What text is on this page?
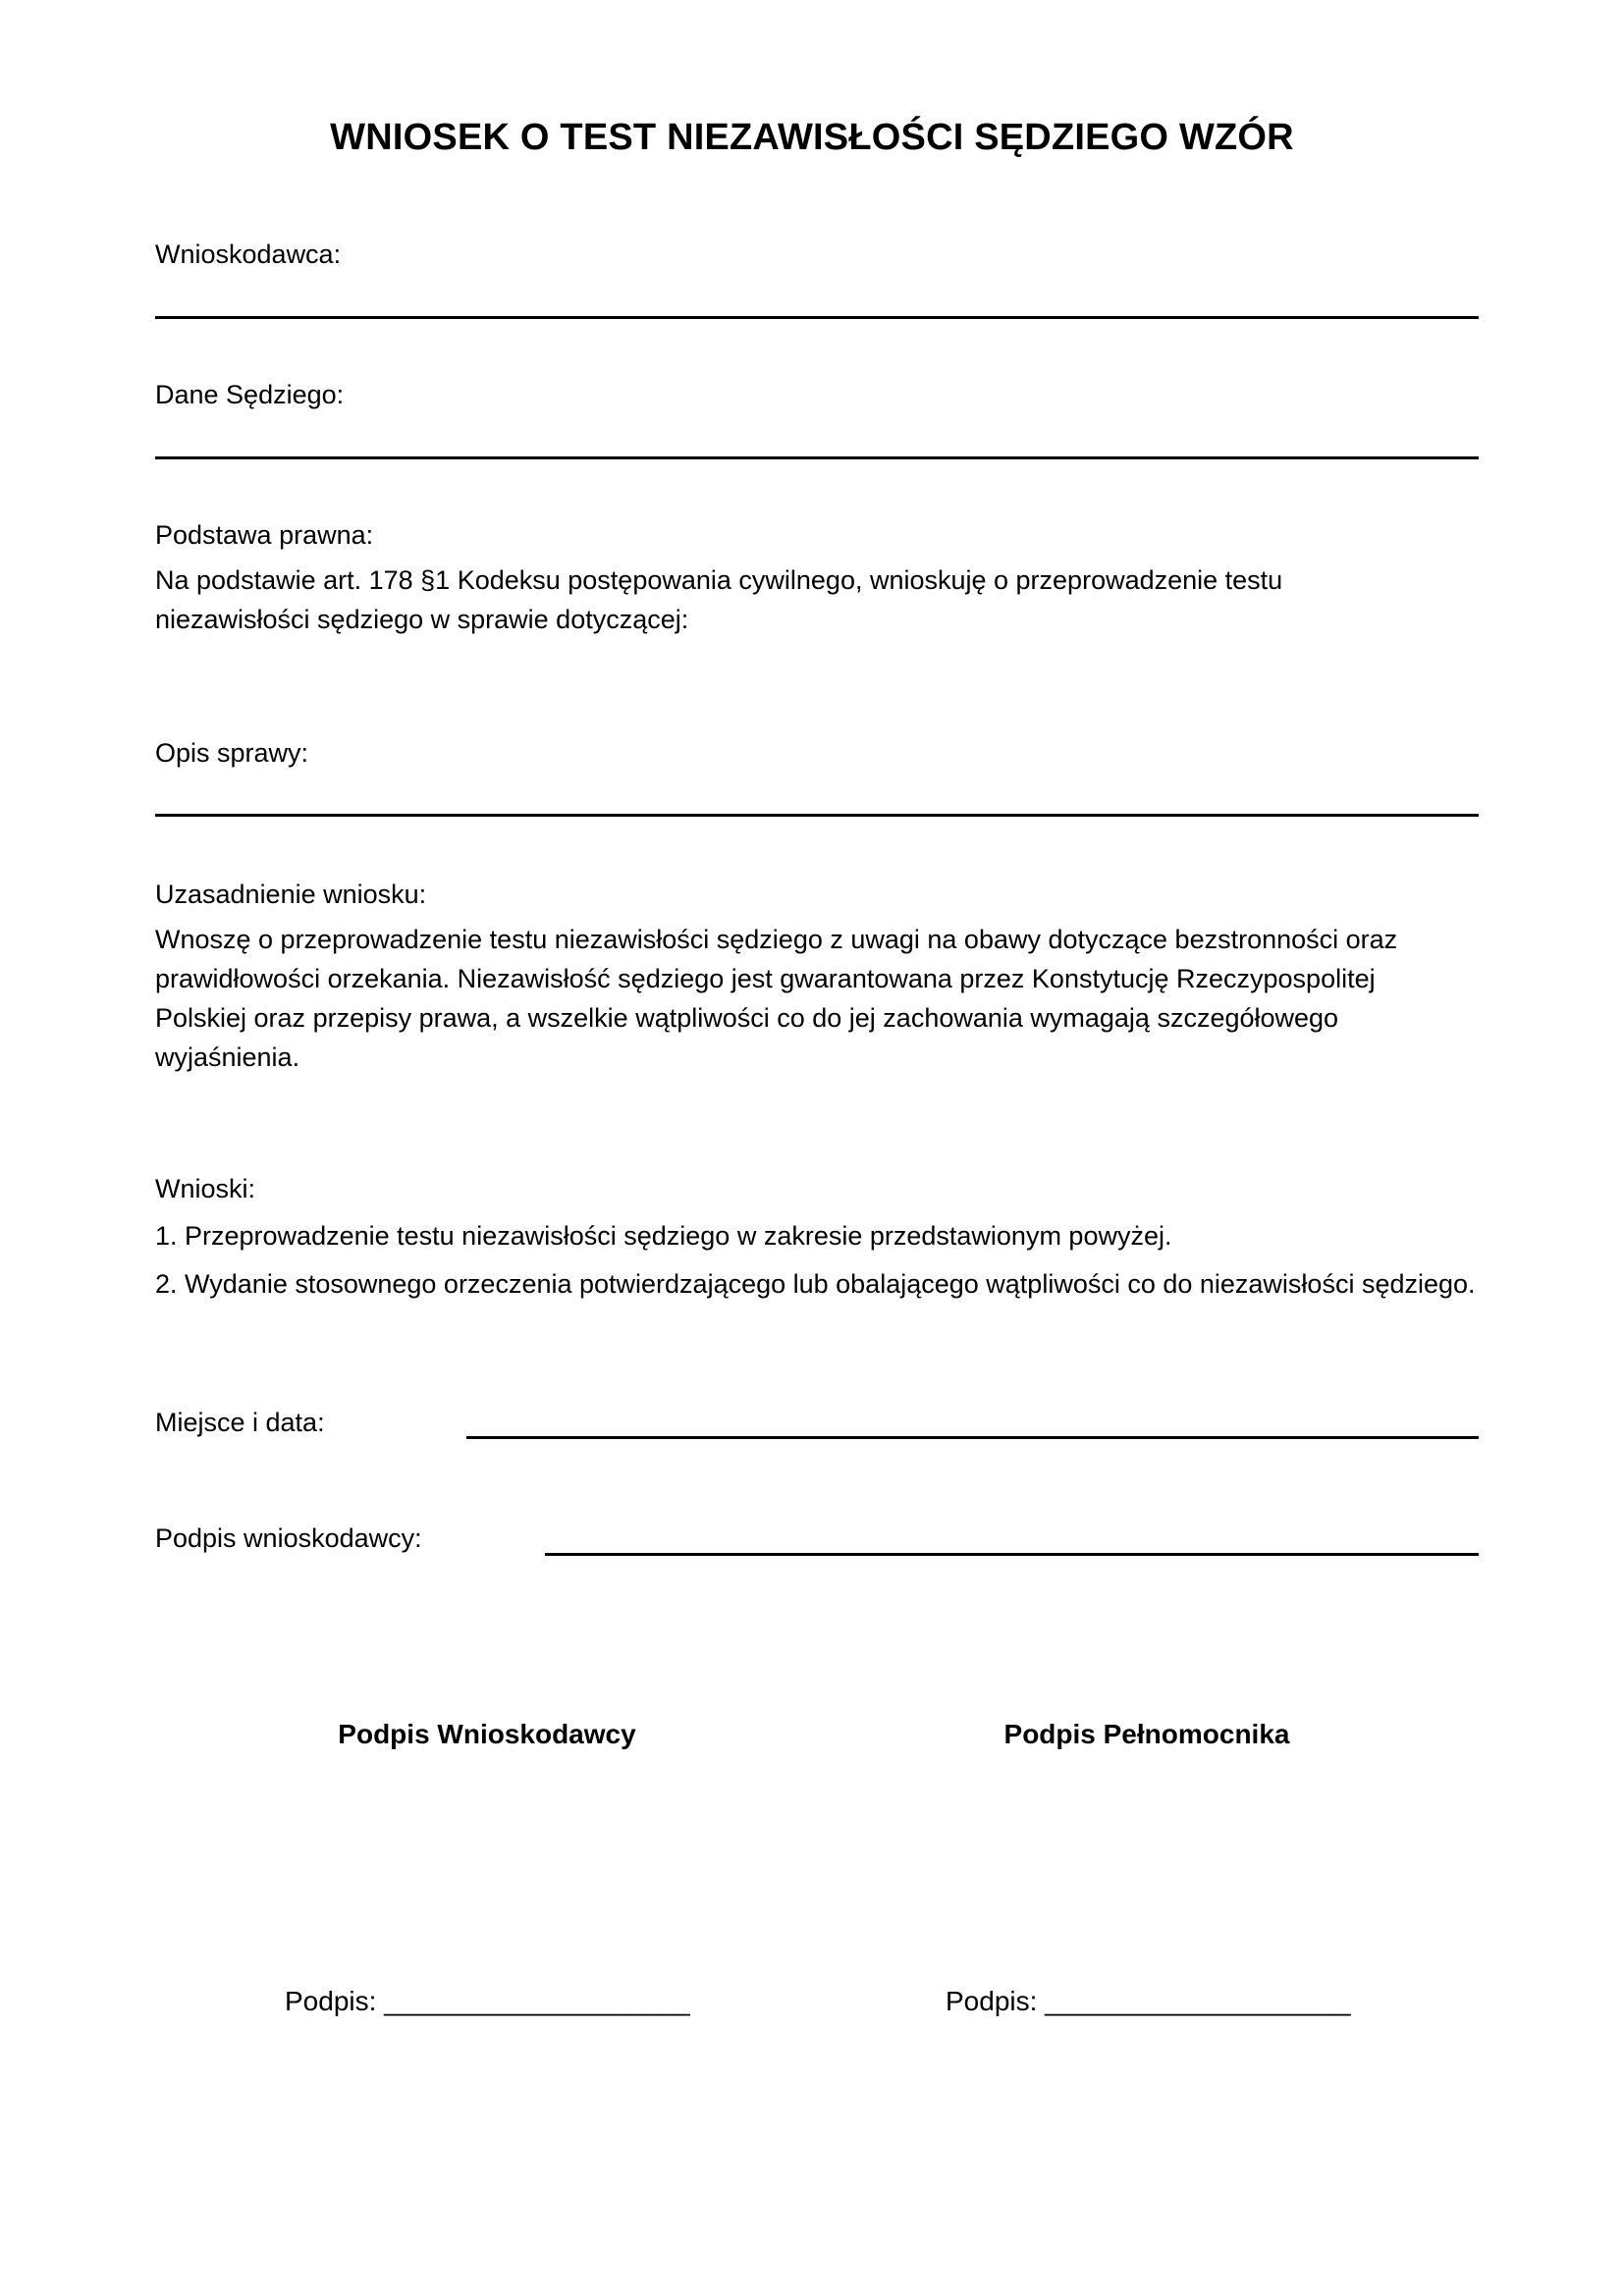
WNIOSEK O TEST NIEZAWISŁOŚCI SĘDZIEGO WZÓR
Wnioskodawca:
Dane Sędziego:
Podstawa prawna:

Na podstawie art. 178 §1 Kodeksu postępowania cywilnego, wnioskuję o przeprowadzenie testu

niezawisłości sędziego w sprawie dotyczącej:

Opis sprawy:
Uzasadnienie wniosku:

Wnoszę o przeprowadzenie testu niezawisłości sędziego z uwagi na obawy dotyczące bezstronności oraz

prawidłowości orzekania. Niezawisłość sędziego jest gwarantowana przez Konstytucję Rzeczypospolitej

Polskiej oraz przepisy prawa, a wszelkie wątpliwości co do jej zachowania wymagają szczegółowego

wyjaśnienia.

Wnioski:
1. Przeprowadzenie testu niezawisłości sędziego w zakresie przedstawionym powyżej.
2. Wydanie stosownego orzeczenia potwierdzającego lub obalającego wątpliwości co do niezawisłości sędziego.
Miejsce i data:
Podpis wnioskodawcy:
Podpis Wnioskodawcy	Podpis Pełnomocnika
Podpis: ____________________	Podpis: ____________________
